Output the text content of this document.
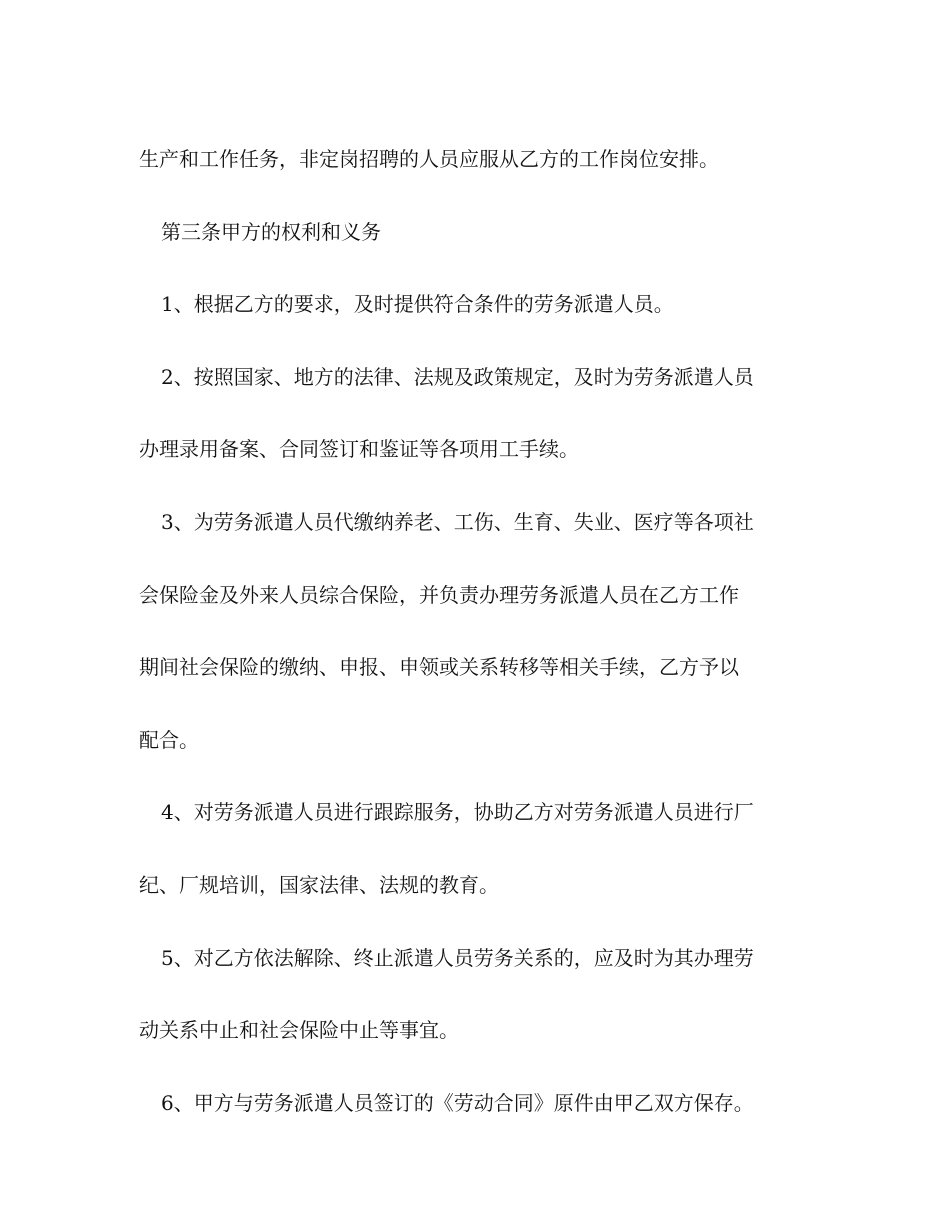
生产和工作任务，非定岗招聘的人员应服从乙方的工作岗位安排。
第三条甲方的权利和义务
1、根据乙方的要求，及时提供符合条件的劳务派遣人员。
2、按照国家、地方的法律、法规及政策规定，及时为劳务派遣人员
办理录用备案、合同签订和鉴证等各项用工手续。
3、为劳务派遣人员代缴纳养老、工伤、生育、失业、医疗等各项社
会保险金及外来人员综合保险，并负责办理劳务派遣人员在乙方工作
期间社会保险的缴纳、申报、申领或关系转移等相关手续，乙方予以
配合。
4、对劳务派遣人员进行跟踪服务，协助乙方对劳务派遣人员进行厂
纪、厂规培训，国家法律、法规的教育。
5、对乙方依法解除、终止派遣人员劳务关系的，应及时为其办理劳
动关系中止和社会保险中止等事宜。
6、甲方与劳务派遣人员签订的《劳动合同》原件由甲乙双方保存。
